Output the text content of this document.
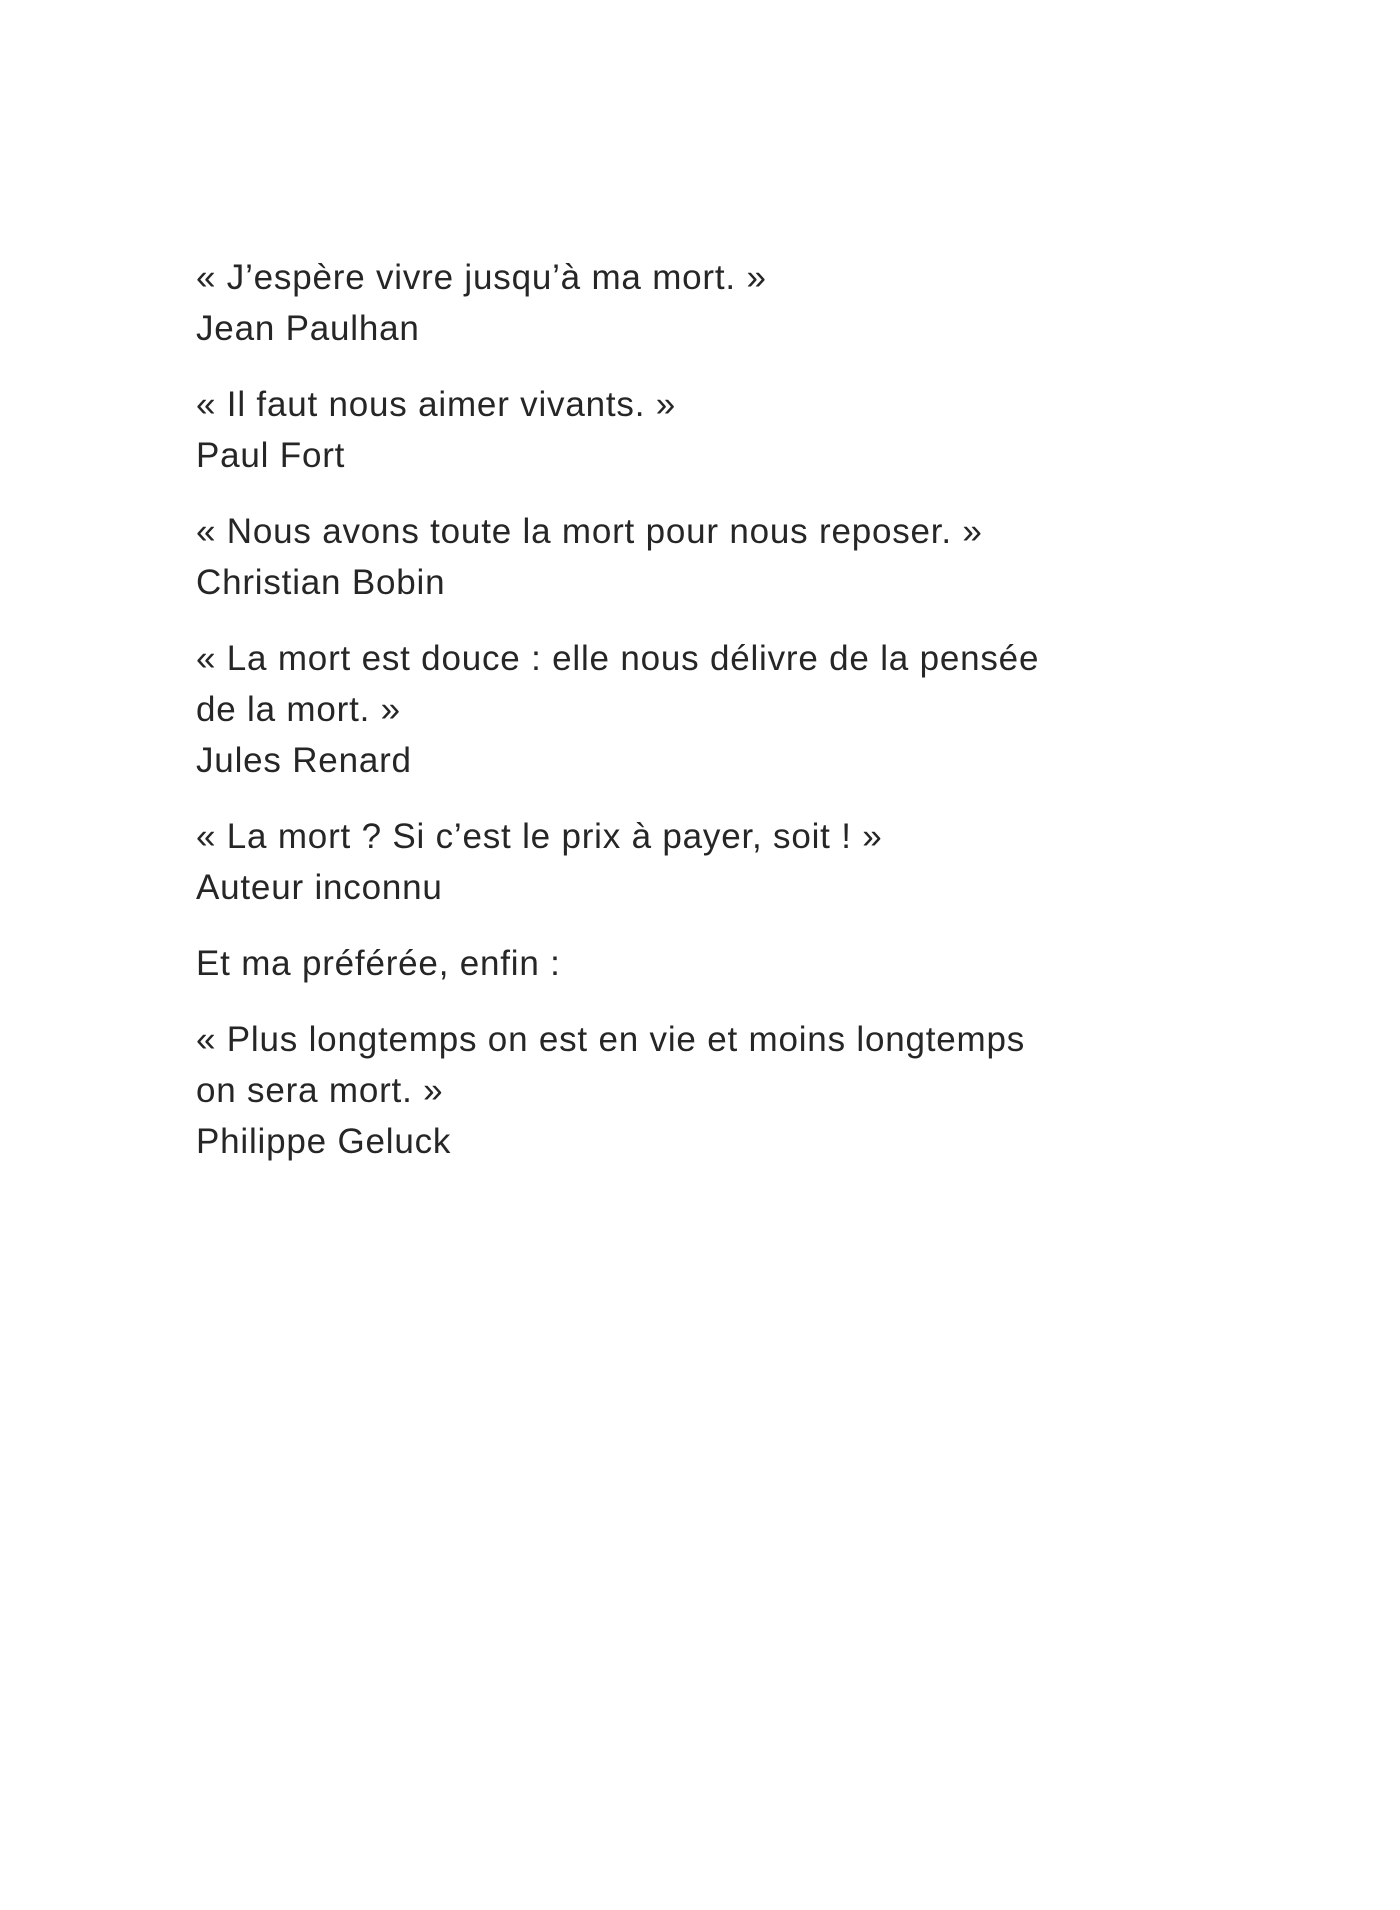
« J’espère vivre jusqu’à ma mort. »
Jean Paulhan
« Il faut nous aimer vivants. »
Paul Fort
« Nous avons toute la mort pour nous reposer. »
Christian Bobin
« La mort est douce : elle nous délivre de la pensée
de la mort. »
Jules Renard
« La mort ? Si c’est le prix à payer, soit ! »
Auteur inconnu
Et ma préférée, enfin :
« Plus longtemps on est en vie et moins longtemps
on sera mort. »
Philippe Geluck
